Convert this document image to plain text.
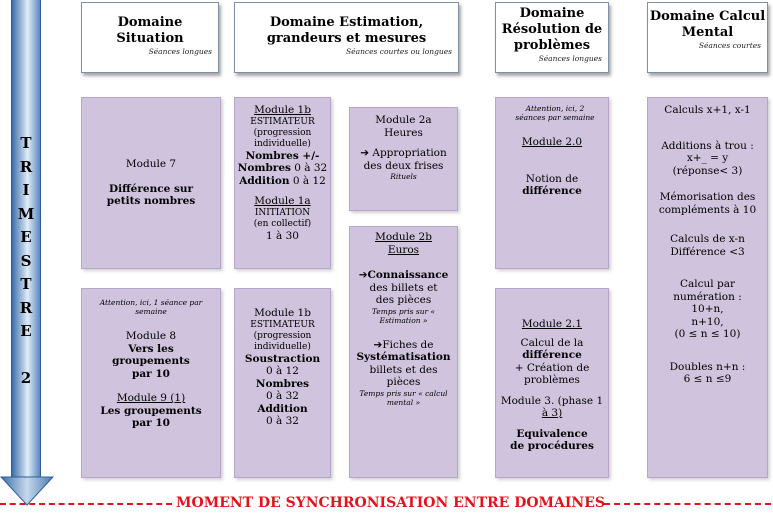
Domaine
Situation
Séances longues
Domaine Estimation,
grandeurs et mesures
Séances courtes ou longues
Domaine
Résolution de
problèmes
Séances longues
Domaine Calcul
Mental
Séances courtes
T
R
I
M
E
S
T
R
E

2
Module 7
Différence sur petits nombres
Attention, ici, 1 séance par semaine
Module 8
Vers les groupements par 10
Module 9 (1)
Les groupements par 10
Module 1b
ESTIMATEUR
(progression individuelle)
Nombres +/-
Nombres 0 à 32
Addition 0 à 12
Module 1a
INITIATION
(en collectif)
1 à 30
Module 2a
Heures
➔ Appropriation des deux frises
Rituels
Module 2b
Euros
➔Connaissance
des billets et des pièces
Temps pris sur « Estimation »
➔Fiches de
Systématisation
billets et des pièces
Temps pris sur « calcul mental »
Module 1b
ESTIMATEUR
(progression individuelle)
Soustraction
0 à 12
Nombres
0 à 32
Addition
0 à 32
Attention, ici, 2 séances par semaine
Module 2.0
Notion de
différence
Module 2.1
Calcul de la
différence
+ Création de problèmes
Module 3. (phase 1
à 3)
Equivalence de procédures
Calculs x+1, x-1
Additions à trou :
x+_ = y
(réponse< 3)
Mémorisation des compléments à 10
Calculs de x-n
Différence <3
Calcul par numération :
10+n,
n+10,
(0 ≤ n ≤ 10)
Doubles n+n :
6 ≤ n ≤9
MOMENT DE SYNCHRONISATION ENTRE DOMAINES
